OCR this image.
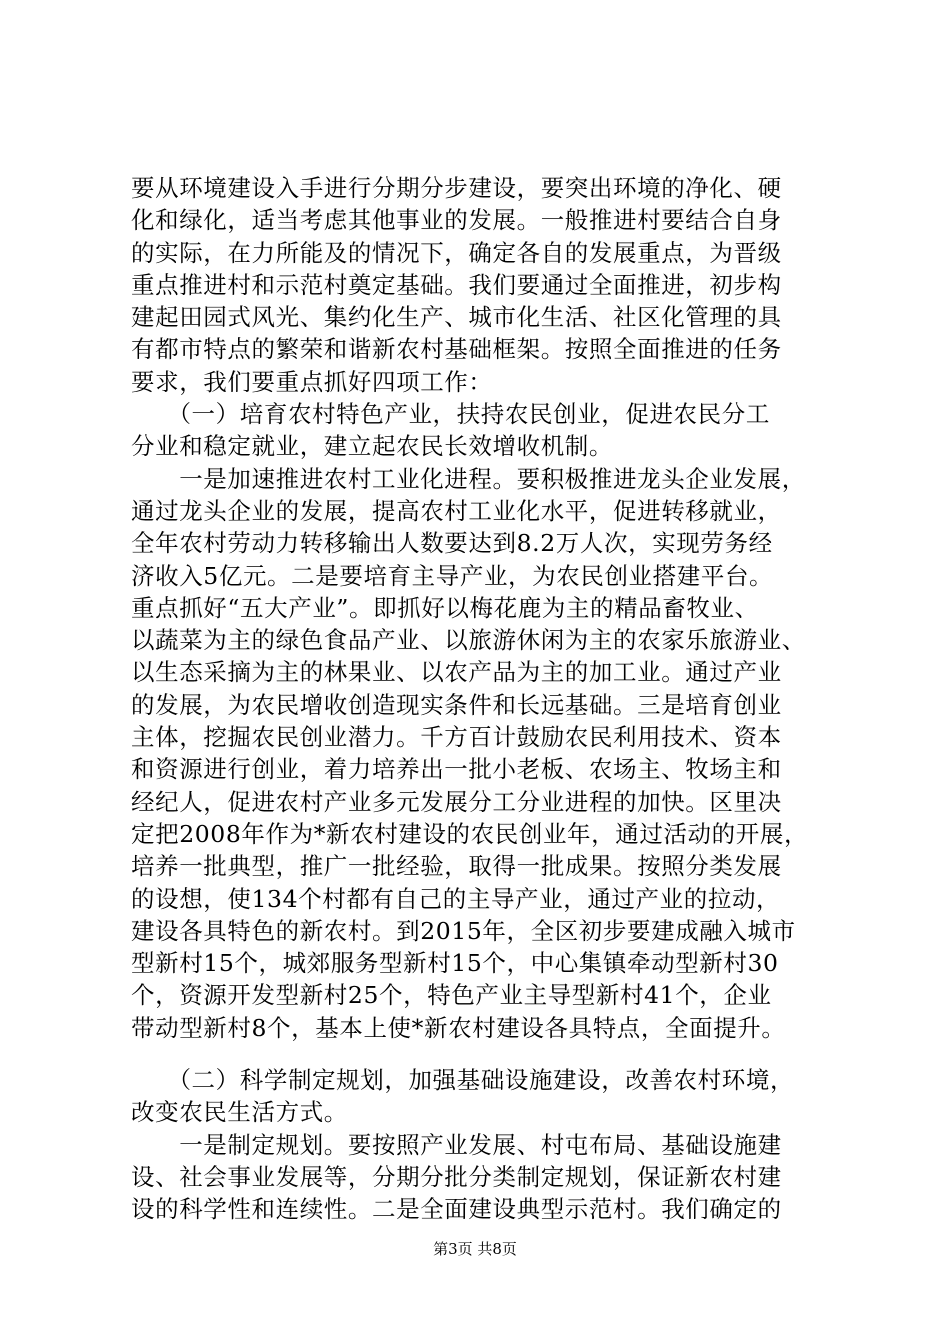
要从环境建设入手进行分期分步建设，要突出环境的净化、硬
化和绿化，适当考虑其他事业的发展。一般推进村要结合自身
的实际，在力所能及的情况下，确定各自的发展重点，为晋级
重点推进村和示范村奠定基础。我们要通过全面推进，初步构
建起田园式风光、集约化生产、城市化生活、社区化管理的具
有都市特点的繁荣和谐新农村基础框架。按照全面推进的任务
要求，我们要重点抓好四项工作：
　　（一）培育农村特色产业，扶持农民创业，促进农民分工
分业和稳定就业，建立起农民长效增收机制。
　　一是加速推进农村工业化进程。要积极推进龙头企业发展，
通过龙头企业的发展，提高农村工业化水平，促进转移就业，
全年农村劳动力转移输出人数要达到8.2万人次，实现劳务经
济收入5亿元。二是要培育主导产业，为农民创业搭建平台。
重点抓好“五大产业”。即抓好以梅花鹿为主的精品畜牧业、
以蔬菜为主的绿色食品产业、以旅游休闲为主的农家乐旅游业、
以生态采摘为主的林果业、以农产品为主的加工业。通过产业
的发展，为农民增收创造现实条件和长远基础。三是培育创业
主体，挖掘农民创业潜力。千方百计鼓励农民利用技术、资本
和资源进行创业，着力培养出一批小老板、农场主、牧场主和
经纪人，促进农村产业多元发展分工分业进程的加快。区里决
定把2008年作为*新农村建设的农民创业年，通过活动的开展，
培养一批典型，推广一批经验，取得一批成果。按照分类发展
的设想，使134个村都有自己的主导产业，通过产业的拉动，
建设各具特色的新农村。到2015年，全区初步要建成融入城市
型新村15个，城郊服务型新村15个，中心集镇牵动型新村30
个，资源开发型新村25个，特色产业主导型新村41个，企业
带动型新村8个，基本上使*新农村建设各具特点，全面提升。
　　（二）科学制定规划，加强基础设施建设，改善农村环境，
改变农民生活方式。
　　一是制定规划。要按照产业发展、村屯布局、基础设施建
设、社会事业发展等，分期分批分类制定规划，保证新农村建
设的科学性和连续性。二是全面建设典型示范村。我们确定的
第3页 共8页
